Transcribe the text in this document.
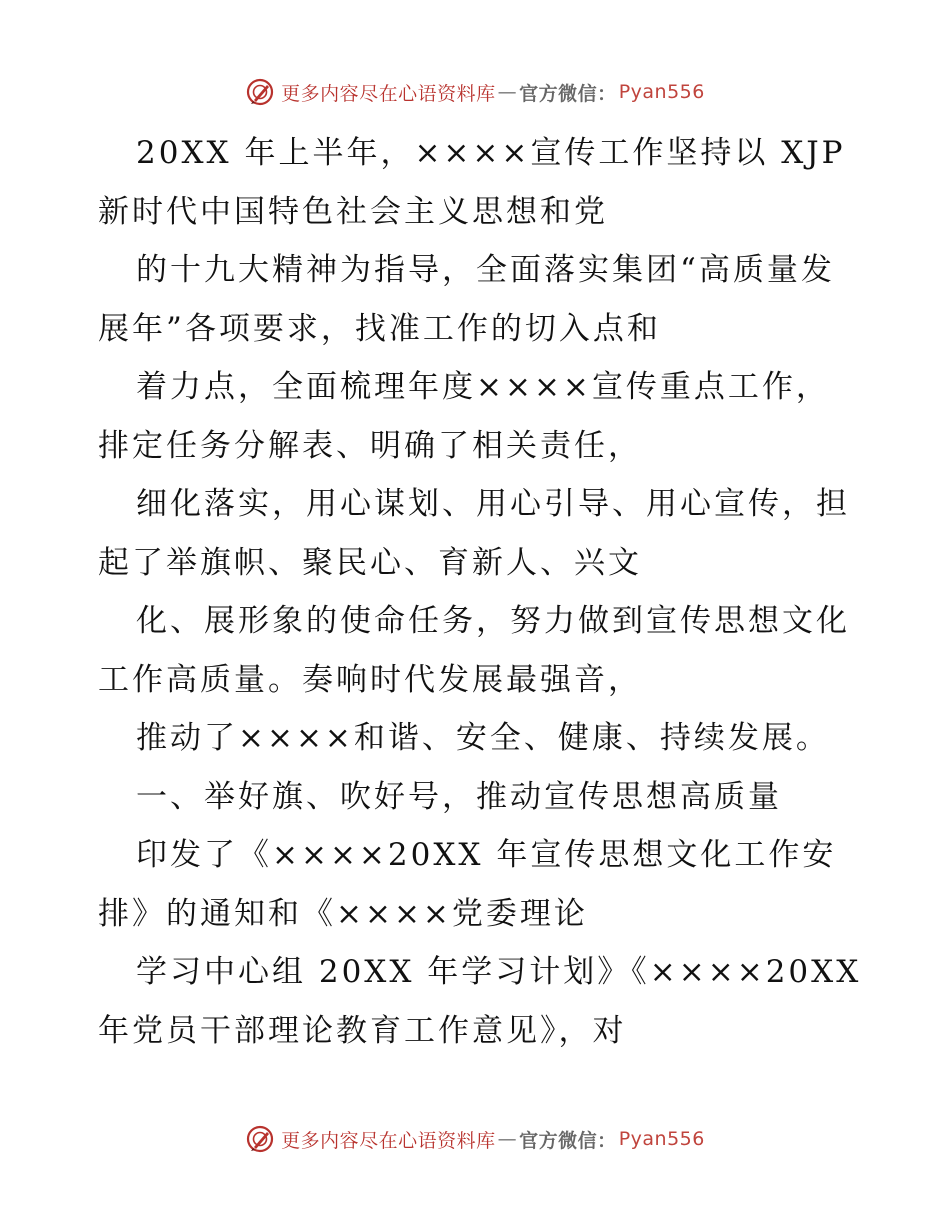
更多内容尽在心语资料库 — 官方微信： Pyan556
20XX 年上半年，××××宣传工作坚持以 XJP
新时代中国特色社会主义思想和党
的十九大精神为指导，全面落实集团“高质量发
展年”各项要求，找准工作的切入点和
着力点，全面梳理年度××××宣传重点工作，
排定任务分解表、明确了相关责任，
细化落实，用心谋划、用心引导、用心宣传，担
起了举旗帜、聚民心、育新人、兴文
化、展形象的使命任务，努力做到宣传思想文化
工作高质量。奏响时代发展最强音，
推动了××××和谐、安全、健康、持续发展。
一、举好旗、吹好号，推动宣传思想高质量
印发了《××××20XX 年宣传思想文化工作安
排》的通知和《××××党委理论
学习中心组 20XX 年学习计划》《××××20XX
年党员干部理论教育工作意见》，对
更多内容尽在心语资料库 — 官方微信： Pyan556
